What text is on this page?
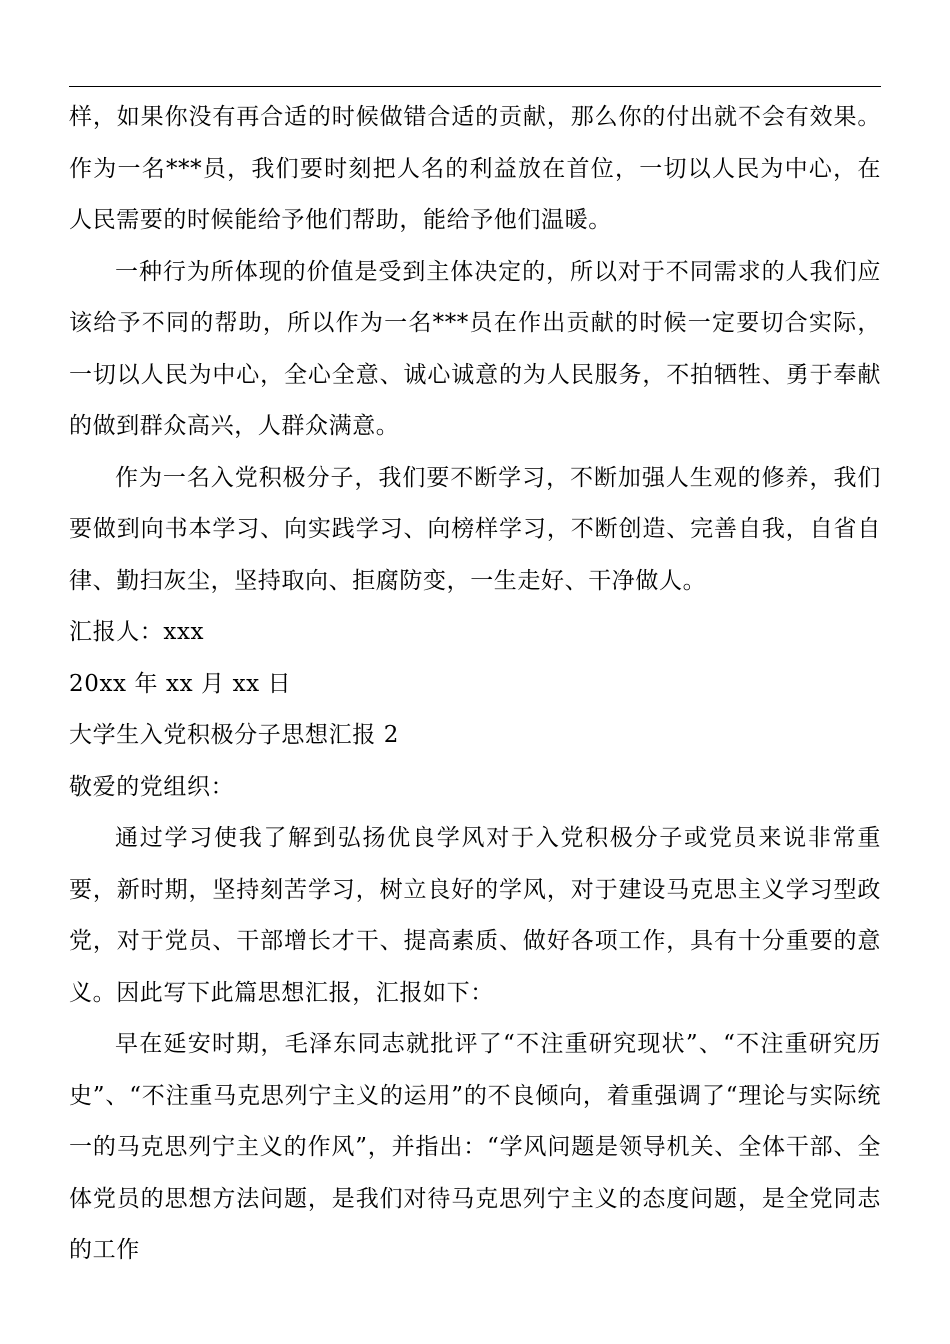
样，如果你没有再合适的时候做错合适的贡献，那么你的付出就不会有效果。作为一名***员，我们要时刻把人名的利益放在首位，一切以人民为中心，在人民需要的时候能给予他们帮助，能给予他们温暖。

一种行为所体现的价值是受到主体决定的，所以对于不同需求的人我们应该给予不同的帮助，所以作为一名***员在作出贡献的时候一定要切合实际，一切以人民为中心，全心全意、诚心诚意的为人民服务，不拍牺牲、勇于奉献的做到群众高兴，人群众满意。

作为一名入党积极分子，我们要不断学习，不断加强人生观的修养，我们要做到向书本学习、向实践学习、向榜样学习，不断创造、完善自我，自省自律、勤扫灰尘，坚持取向、拒腐防变，一生走好、干净做人。

汇报人：xxx

20xx 年 xx 月 xx 日

大学生入党积极分子思想汇报 2

敬爱的党组织：

通过学习使我了解到弘扬优良学风对于入党积极分子或党员来说非常重要，新时期，坚持刻苦学习，树立良好的学风，对于建设马克思主义学习型政党，对于党员、干部增长才干、提高素质、做好各项工作，具有十分重要的意义。因此写下此篇思想汇报，汇报如下：

早在延安时期，毛泽东同志就批评了“不注重研究现状”、“不注重研究历史”、“不注重马克思列宁主义的运用”的不良倾向，着重强调了“理论与实际统一的马克思列宁主义的作风”，并指出：“学风问题是领导机关、全体干部、全体党员的思想方法问题，是我们对待马克思列宁主义的态度问题，是全党同志的工作
